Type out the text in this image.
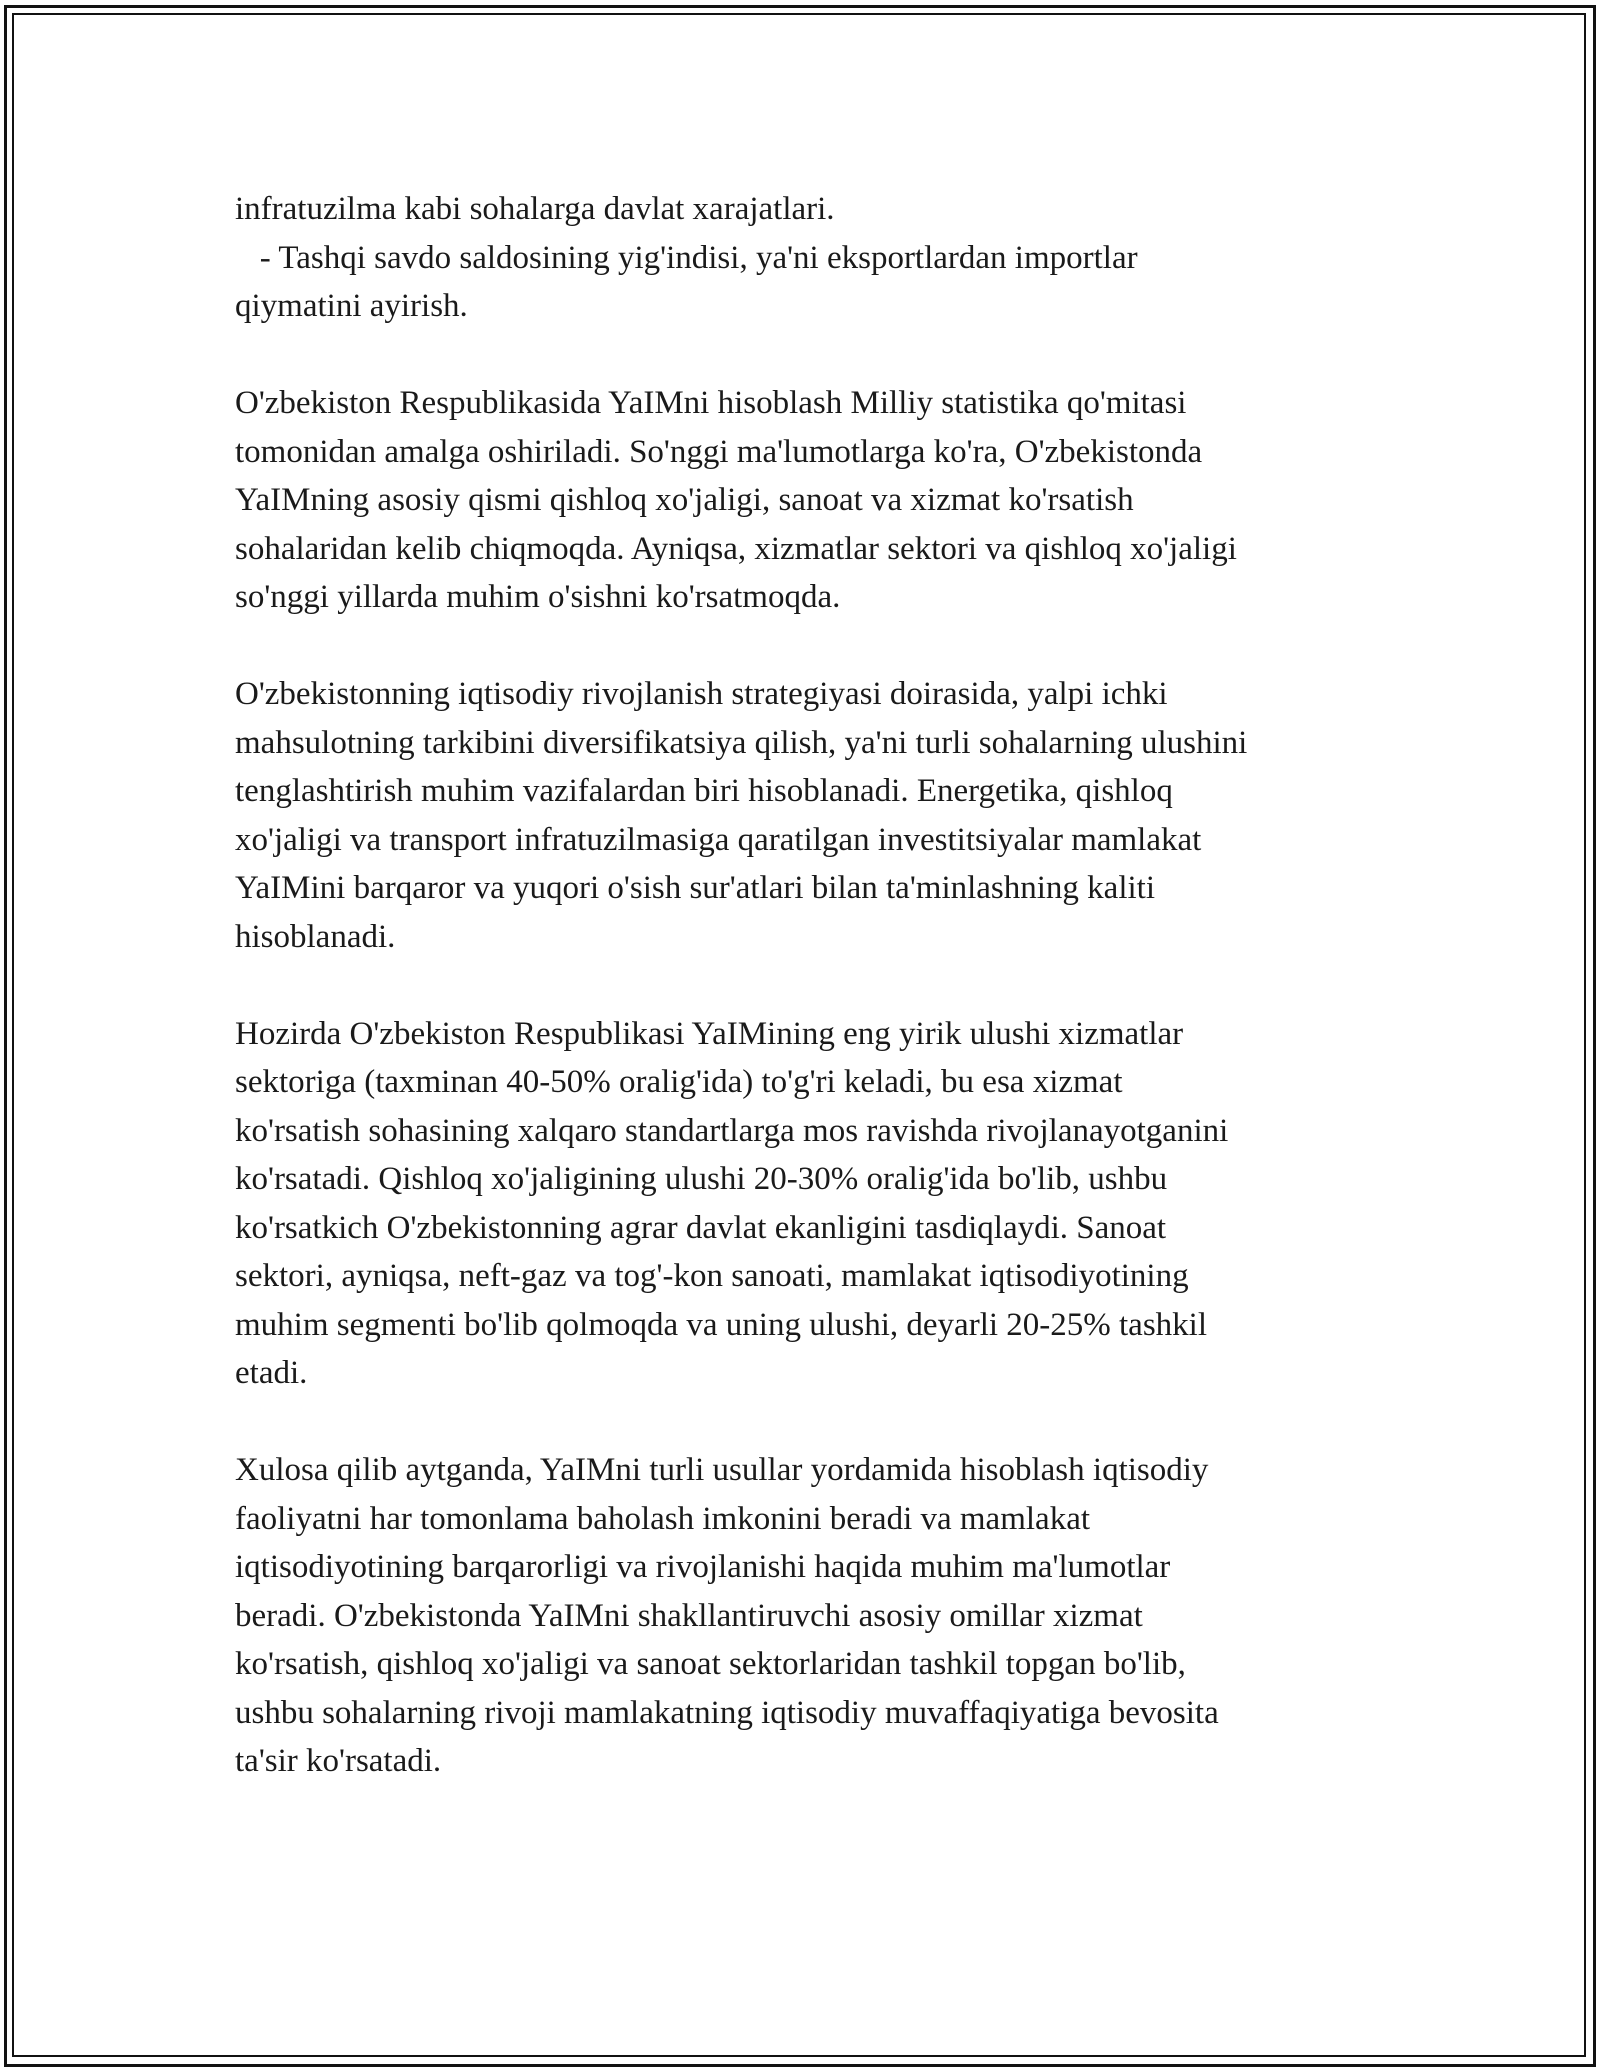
infratuzilma kabi sohalarga davlat xarajatlari.
- Tashqi savdo saldosining yig'indisi, ya'ni eksportlardan importlar
qiymatini ayirish.

O'zbekiston Respublikasida YaIMni hisoblash Milliy statistika qo'mitasi
tomonidan amalga oshiriladi. So'nggi ma'lumotlarga ko'ra, O'zbekistonda
YaIMning asosiy qismi qishloq xo'jaligi, sanoat va xizmat ko'rsatish
sohalaridan kelib chiqmoqda. Ayniqsa, xizmatlar sektori va qishloq xo'jaligi
so'nggi yillarda muhim o'sishni ko'rsatmoqda.

O'zbekistonning iqtisodiy rivojlanish strategiyasi doirasida, yalpi ichki
mahsulotning tarkibini diversifikatsiya qilish, ya'ni turli sohalarning ulushini
tenglashtirish muhim vazifalardan biri hisoblanadi. Energetika, qishloq
xo'jaligi va transport infratuzilmasiga qaratilgan investitsiyalar mamlakat
YaIMini barqaror va yuqori o'sish sur'atlari bilan ta'minlashning kaliti
hisoblanadi.

Hozirda O'zbekiston Respublikasi YaIMining eng yirik ulushi xizmatlar
sektoriga (taxminan 40-50% oralig'ida) to'g'ri keladi, bu esa xizmat
ko'rsatish sohasining xalqaro standartlarga mos ravishda rivojlanayotganini
ko'rsatadi. Qishloq xo'jaligining ulushi 20-30% oralig'ida bo'lib, ushbu
ko'rsatkich O'zbekistonning agrar davlat ekanligini tasdiqlaydi. Sanoat
sektori, ayniqsa, neft-gaz va tog'-kon sanoati, mamlakat iqtisodiyotining
muhim segmenti bo'lib qolmoqda va uning ulushi, deyarli 20-25% tashkil
etadi.

Xulosa qilib aytganda, YaIMni turli usullar yordamida hisoblash iqtisodiy
faoliyatni har tomonlama baholash imkonini beradi va mamlakat
iqtisodiyotining barqarorligi va rivojlanishi haqida muhim ma'lumotlar
beradi. O'zbekistonda YaIMni shakllantiruvchi asosiy omillar xizmat
ko'rsatish, qishloq xo'jaligi va sanoat sektorlaridan tashkil topgan bo'lib,
ushbu sohalarning rivoji mamlakatning iqtisodiy muvaffaqiyatiga bevosita
ta'sir ko'rsatadi.
